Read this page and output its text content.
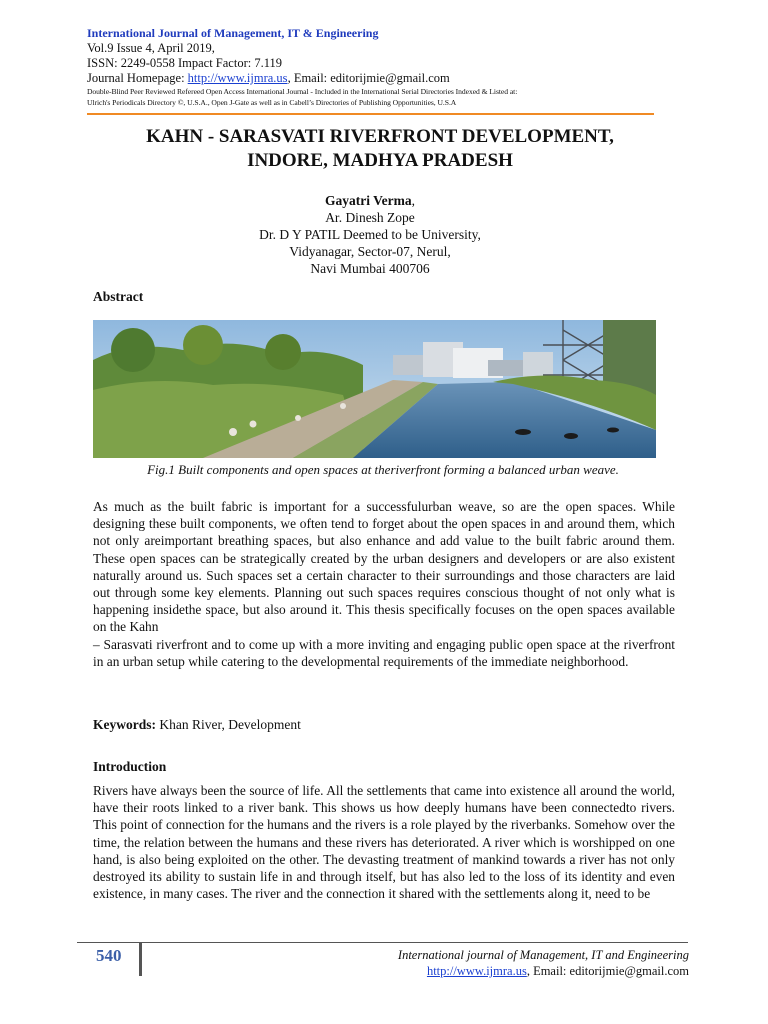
International Journal of Management, IT & Engineering
Vol.9 Issue 4, April 2019,
ISSN: 2249-0558 Impact Factor: 7.119
Journal Homepage: http://www.ijmra.us, Email: editorijmie@gmail.com
Double-Blind Peer Reviewed Refereed Open Access International Journal - Included in the International Serial Directories Indexed & Listed at:
Ulrich's Periodicals Directory ©, U.S.A., Open J-Gate as well as in Cabell’s Directories of Publishing Opportunities, U.S.A
KAHN - SARASVATI RIVERFRONT DEVELOPMENT,
INDORE, MADHYA PRADESH
Gayatri Verma,
Ar. Dinesh Zope
Dr. D Y PATIL Deemed to be University,
Vidyanagar, Sector-07, Nerul,
Navi Mumbai 400706
Abstract
Fig.1 Built components and open spaces at theriverfront forming a balanced urban weave.

As much as the built fabric is important for a successfulurban weave, so are the open spaces. While designing these built components, we often tend to forget about the open spaces in and around them, which not only areimportant breathing spaces, but also enhance and add value to the built fabric around them. These open spaces can be strategically created by the urban designers and developers or are also existent naturally around us. Such spaces set a certain character to their surroundings and those characters are laid out through some key elements. Planning out such spaces requires conscious thought of not only what is happening insidethe space, but also around it. This thesis specifically focuses on the open spaces available on the Kahn

– Sarasvati riverfront and to come up with a more inviting and engaging public open space at the riverfront in an urban setup while catering to the developmental requirements of the immediate neighborhood.

Keywords: Khan River, Development
Introduction

Rivers have always been the source of life. All the settlements that came into existence all around the world, have their roots linked to a river bank. This shows us how deeply humans have been connectedto rivers. This point of connection for the humans and the rivers is a role played by the riverbanks. Somehow over the time, the relation between the humans and these rivers has deteriorated. A river which is worshipped on one hand, is also being exploited on the other. The devasting treatment of mankind towards a river has not only destroyed its ability to sustain life in and through itself, but has also led to the loss of its identity and even existence, in many cases. The river and the connection it shared with the settlements along it, need to be

540	International journal of Management, IT and Engineering
http://www.ijmra.us, Email: editorijmie@gmail.com
